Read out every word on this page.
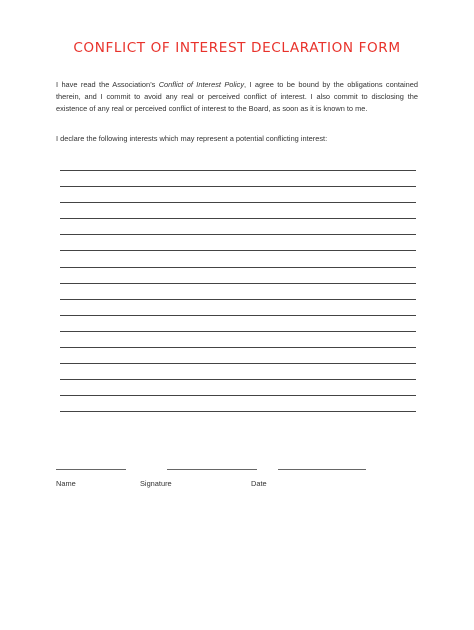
CONFLICT OF INTEREST DECLARATION FORM

I have read the Association’s Conflict of Interest Policy, I agree to be bound by the obligations contained therein, and I commit to avoid any real or perceived conflict of interest. I also commit to disclosing the existence of any real or perceived conflict of interest to the Board, as soon as it is known to me.

I declare the following interests which may represent a potential conflicting interest:

Name	Signature	Date
